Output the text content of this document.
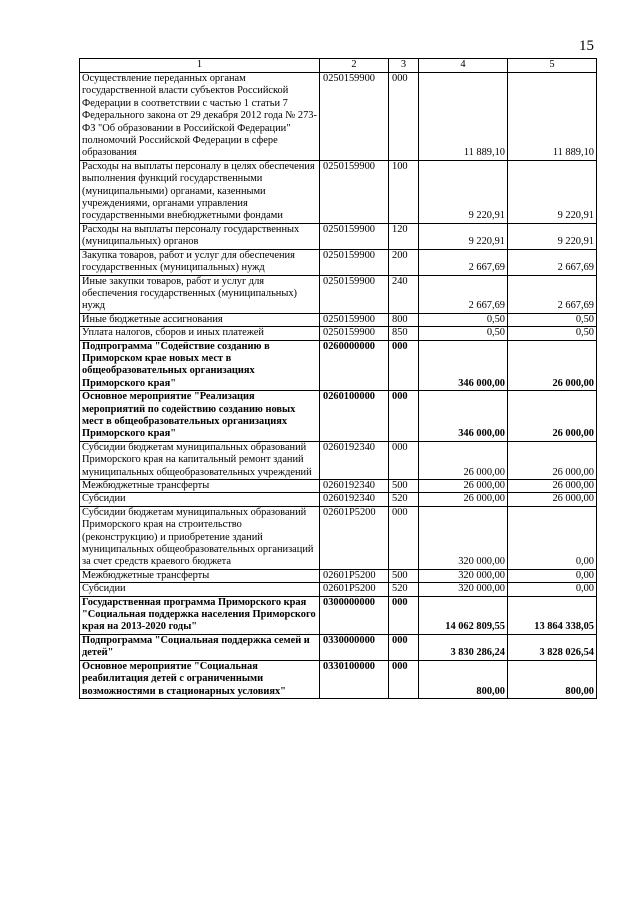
15
1	2	3	4	5
Осуществление переданных органам государственной власти субъектов Российской Федерации в соответствии с частью 1 статьи 7 Федерального закона от 29 декабря 2012 года № 273-ФЗ "Об образовании в Российской Федерации" полномочий Российской Федерации в сфере образования	0250159900	000	11 889,10	11 889,10
Расходы на выплаты персоналу в целях обеспечения выполнения функций государственными (муниципальными) органами, казенными учреждениями, органами управления государственными внебюджетными фондами	0250159900	100	9 220,91	9 220,91
Расходы на выплаты персоналу государственных (муниципальных) органов	0250159900	120	9 220,91	9 220,91
Закупка товаров, работ и услуг для обеспечения государственных (муниципальных) нужд	0250159900	200	2 667,69	2 667,69
Иные закупки товаров, работ и услуг для обеспечения государственных (муниципальных) нужд	0250159900	240	2 667,69	2 667,69
Иные бюджетные ассигнования	0250159900	800	0,50	0,50
Уплата налогов, сборов и иных платежей	0250159900	850	0,50	0,50
Подпрограмма "Содействие созданию в Приморском крае новых мест в общеобразовательных организациях Приморского края"	0260000000	000	346 000,00	26 000,00
Основное мероприятие "Реализация мероприятий по содействию созданию новых мест в общеобразовательных организациях Приморского края"	0260100000	000	346 000,00	26 000,00
Субсидии бюджетам муниципальных образований Приморского края на капитальный ремонт зданий муниципальных общеобразовательных учреждений	0260192340	000	26 000,00	26 000,00
Межбюджетные трансферты	0260192340	500	26 000,00	26 000,00
Субсидии	0260192340	520	26 000,00	26 000,00
Субсидии бюджетам муниципальных образований Приморского края на строительство (реконструкцию) и приобретение зданий муниципальных общеобразовательных организаций за счет средств краевого бюджета	02601P5200	000	320 000,00	0,00
Межбюджетные трансферты	02601P5200	500	320 000,00	0,00
Субсидии	02601P5200	520	320 000,00	0,00
Государственная программа Приморского края "Социальная поддержка населения Приморского края на 2013-2020 годы"	0300000000	000	14 062 809,55	13 864 338,05
Подпрограмма "Социальная поддержка семей и детей"	0330000000	000	3 830 286,24	3 828 026,54
Основное мероприятие "Социальная реабилитация детей с ограниченными возможностями в стационарных условиях"	0330100000	000	800,00	800,00
